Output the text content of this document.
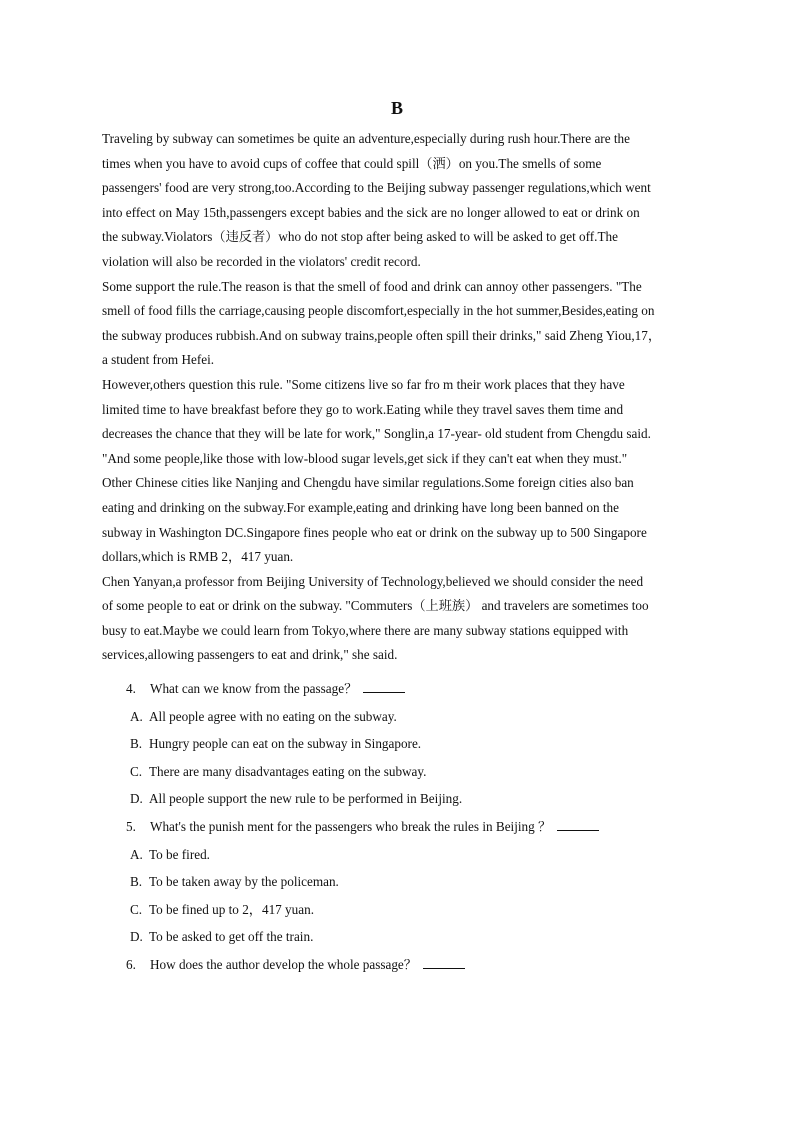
B
Traveling by subway can sometimes be quite an adventure,especially during rush hour.There are the
times when you have to avoid cups of coffee that could spill（洒）on you.The smells of some
passengers' food are very strong,too.According to the Beijing subway passenger regulations,which went
into effect on May 15th,passengers except babies and the sick are no longer allowed to eat or drink on
the subway.Violators（违反者）who do not stop after being asked to will be asked to get off.The
violation will also be recorded in the violators' credit record.
Some support the rule.The reason is that the smell of food and drink can annoy other passengers. "The
smell of food fills the carriage,causing people discomfort,especially in the hot summer,Besides,eating on
the subway produces rubbish.And on subway trains,people often spill their drinks," said Zheng Yiou,17，
a student from Hefei.
However,others question this rule. "Some citizens live so far fro m their work places that they have
limited time to have breakfast before they go to work.Eating while they travel saves them time and
decreases the chance that they will be late for work," Songlin,a 17-year- old student from Chengdu said.
"And some people,like those with low-blood sugar levels,get sick if they can't eat when they must."
Other Chinese cities like Nanjing and Chengdu have similar regulations.Some foreign cities also ban
eating and drinking on the subway.For example,eating and drinking have long been banned on the
subway in Washington DC.Singapore fines people who eat or drink on the subway up to 500 Singapore
dollars,which is RMB 2，417 yuan.
Chen Yanyan,a professor from Beijing University of Technology,believed we should consider the need
of some people to eat or drink on the subway. "Commuters（上班族） and travelers are sometimes too
busy to eat.Maybe we could learn from Tokyo,where there are many subway stations equipped with
services,allowing passengers to eat and drink," she said.
4. What can we know from the passage？
A. All people agree with no eating on the subway.
B. Hungry people can eat on the subway in Singapore.
C. There are many disadvantages eating on the subway.
D. All people support the new rule to be performed in Beijing.
5. What's the punish ment for the passengers who break the rules in Beijing ？
A. To be fired.
B. To be taken away by the policeman.
C. To be fined up to 2，417 yuan.
D. To be asked to get off the train.
6. How does the author develop the whole passage？
